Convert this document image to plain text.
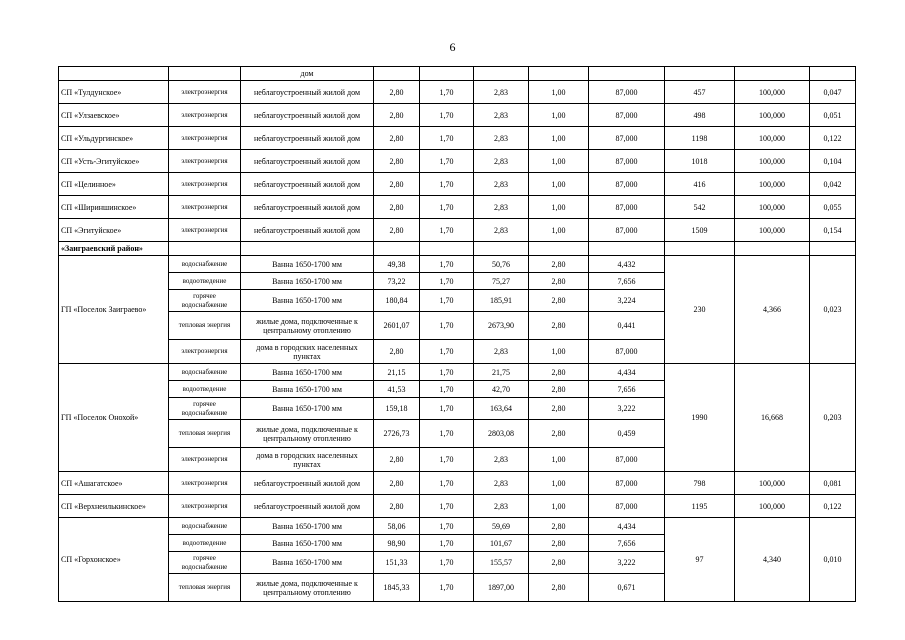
6
		дом								
СП «Тулдунское»	электроэнергия	неблагоустроенный жилой дом	2,80	1,70	2,83	1,00	87,000	457	100,000	0,047
СП «Улзаевское»	электроэнергия	неблагоустроенный жилой дом	2,80	1,70	2,83	1,00	87,000	498	100,000	0,051
СП «Ульдургинское»	электроэнергия	неблагоустроенный жилой дом	2,80	1,70	2,83	1,00	87,000	1198	100,000	0,122
СП «Усть-Эгитуйское»	электроэнергия	неблагоустроенный жилой дом	2,80	1,70	2,83	1,00	87,000	1018	100,000	0,104
СП «Целинное»	электроэнергия	неблагоустроенный жилой дом	2,80	1,70	2,83	1,00	87,000	416	100,000	0,042
СП «Шириншинское»	электроэнергия	неблагоустроенный жилой дом	2,80	1,70	2,83	1,00	87,000	542	100,000	0,055
СП «Эгитуйское»	электроэнергия	неблагоустроенный жилой дом	2,80	1,70	2,83	1,00	87,000	1509	100,000	0,154
«Заиграевский район»										
ГП «Поселок Заиграево»	водоснабжение	Ванна 1650-1700 мм	49,38	1,70	50,76	2,80	4,432	230	4,366	0,023
	водоотведение	Ванна 1650-1700 мм	73,22	1,70	75,27	2,80	7,656			
	горячее водоснабжение	Ванна 1650-1700 мм	180,84	1,70	185,91	2,80	3,224			
	тепловая энергия	жилые дома, подключенные к центральному отоплению	2601,07	1,70	2673,90	2,80	0,441			
	электроэнергия	дома в городских населенных пунктах	2,80	1,70	2,83	1,00	87,000			
ГП «Поселок Онохой»	водоснабжение	Ванна 1650-1700 мм	21,15	1,70	21,75	2,80	4,434	1990	16,668	0,203
	водоотведение	Ванна 1650-1700 мм	41,53	1,70	42,70	2,80	7,656			
	горячее водоснабжение	Ванна 1650-1700 мм	159,18	1,70	163,64	2,80	3,222			
	тепловая энергия	жилые дома, подключенные к центральному отоплению	2726,73	1,70	2803,08	2,80	0,459			
	электроэнергия	дома в городских населенных пунктах	2,80	1,70	2,83	1,00	87,000			
СП «Ашагатское»	электроэнергия	неблагоустроенный жилой дом	2,80	1,70	2,83	1,00	87,000	798	100,000	0,081
СП «Верхнеилькинское»	электроэнергия	неблагоустроенный жилой дом	2,80	1,70	2,83	1,00	87,000	1195	100,000	0,122
СП «Горхонское»	водоснабжение	Ванна 1650-1700 мм	58,06	1,70	59,69	2,80	4,434	97	4,340	0,010
	водоотведение	Ванна 1650-1700 мм	98,90	1,70	101,67	2,80	7,656			
	горячее водоснабжение	Ванна 1650-1700 мм	151,33	1,70	155,57	2,80	3,222			
	тепловая энергия	жилые дома, подключенные к центральному отоплению	1845,33	1,70	1897,00	2,80	0,671			
